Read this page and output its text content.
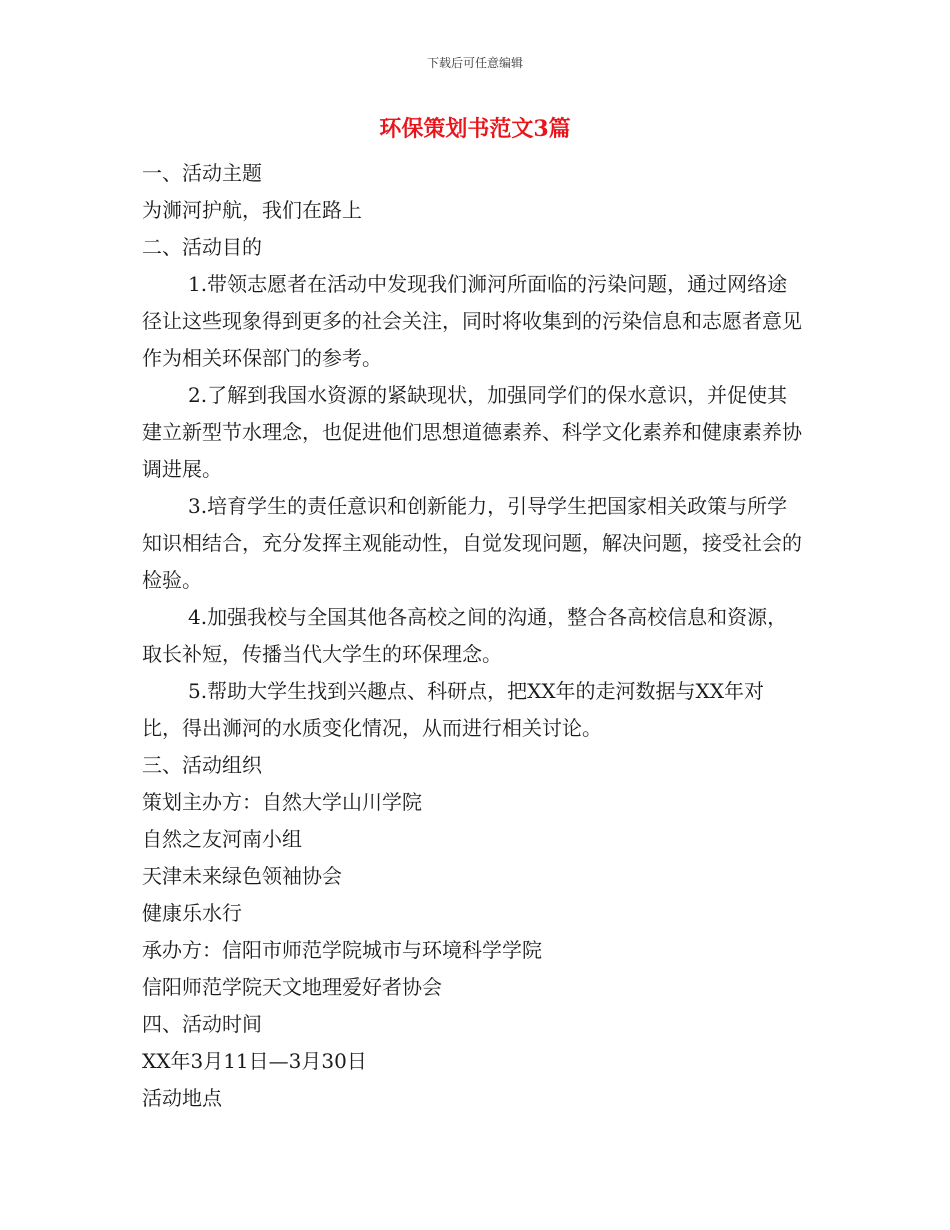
下载后可任意编辑
环保策划书范文3篇

一、活动主题

为浉河护航，我们在路上

二、活动目的

1.带领志愿者在活动中发现我们浉河所面临的污染问题，通过网络途径让这些现象得到更多的社会关注，同时将收集到的污染信息和志愿者意见作为相关环保部门的参考。

2.了解到我国水资源的紧缺现状，加强同学们的保水意识，并促使其建立新型节水理念，也促进他们思想道德素养、科学文化素养和健康素养协调进展。

3.培育学生的责任意识和创新能力，引导学生把国家相关政策与所学知识相结合，充分发挥主观能动性，自觉发现问题，解决问题，接受社会的检验。

4.加强我校与全国其他各高校之间的沟通，整合各高校信息和资源，取长补短，传播当代大学生的环保理念。

5.帮助大学生找到兴趣点、科研点，把XX年的走河数据与XX年对比，得出浉河的水质变化情况，从而进行相关讨论。

三、活动组织

策划主办方：自然大学山川学院

自然之友河南小组

天津未来绿色领袖协会

健康乐水行

承办方：信阳市师范学院城市与环境科学学院

信阳师范学院天文地理爱好者协会

四、活动时间

XX年3月11日—3月30日

活动地点
